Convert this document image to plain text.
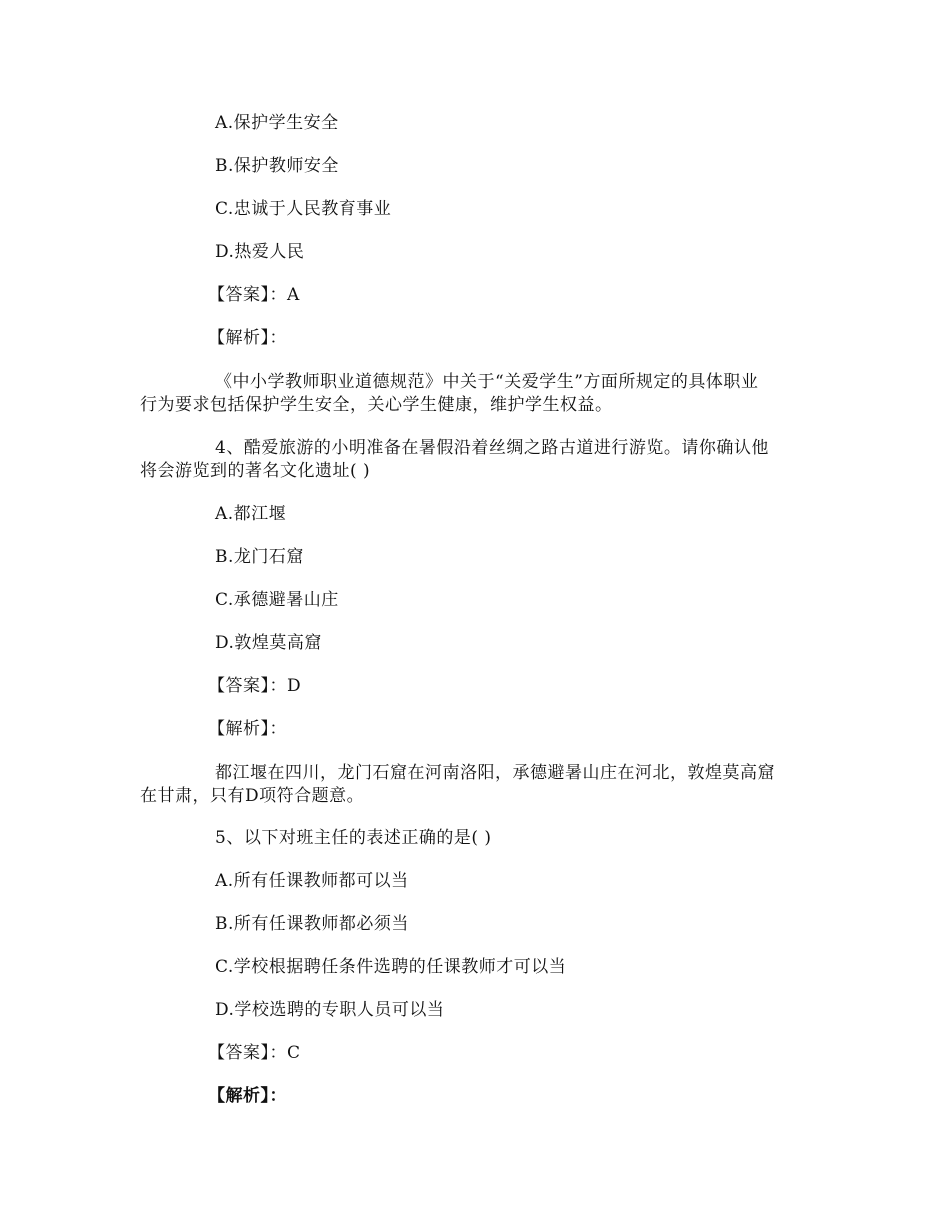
A.保护学生安全
B.保护教师安全
C.忠诚于人民教育事业
D.热爱人民
【答案】：A
【解析】：
《中小学教师职业道德规范》中关于“关爱学生”方面所规定的具体职业
行为要求包括保护学生安全，关心学生健康，维护学生权益。
4、酷爱旅游的小明准备在暑假沿着丝绸之路古道进行游览。请你确认他
将会游览到的著名文化遗址( )
A.都江堰
B.龙门石窟
C.承德避暑山庄
D.敦煌莫高窟
【答案】：D
【解析】：
都江堰在四川，龙门石窟在河南洛阳，承德避暑山庄在河北，敦煌莫高窟
在甘肃，只有D项符合题意。
5、以下对班主任的表述正确的是( )
A.所有任课教师都可以当
B.所有任课教师都必须当
C.学校根据聘任条件选聘的任课教师才可以当
D.学校选聘的专职人员可以当
【答案】：C
【解析】：
